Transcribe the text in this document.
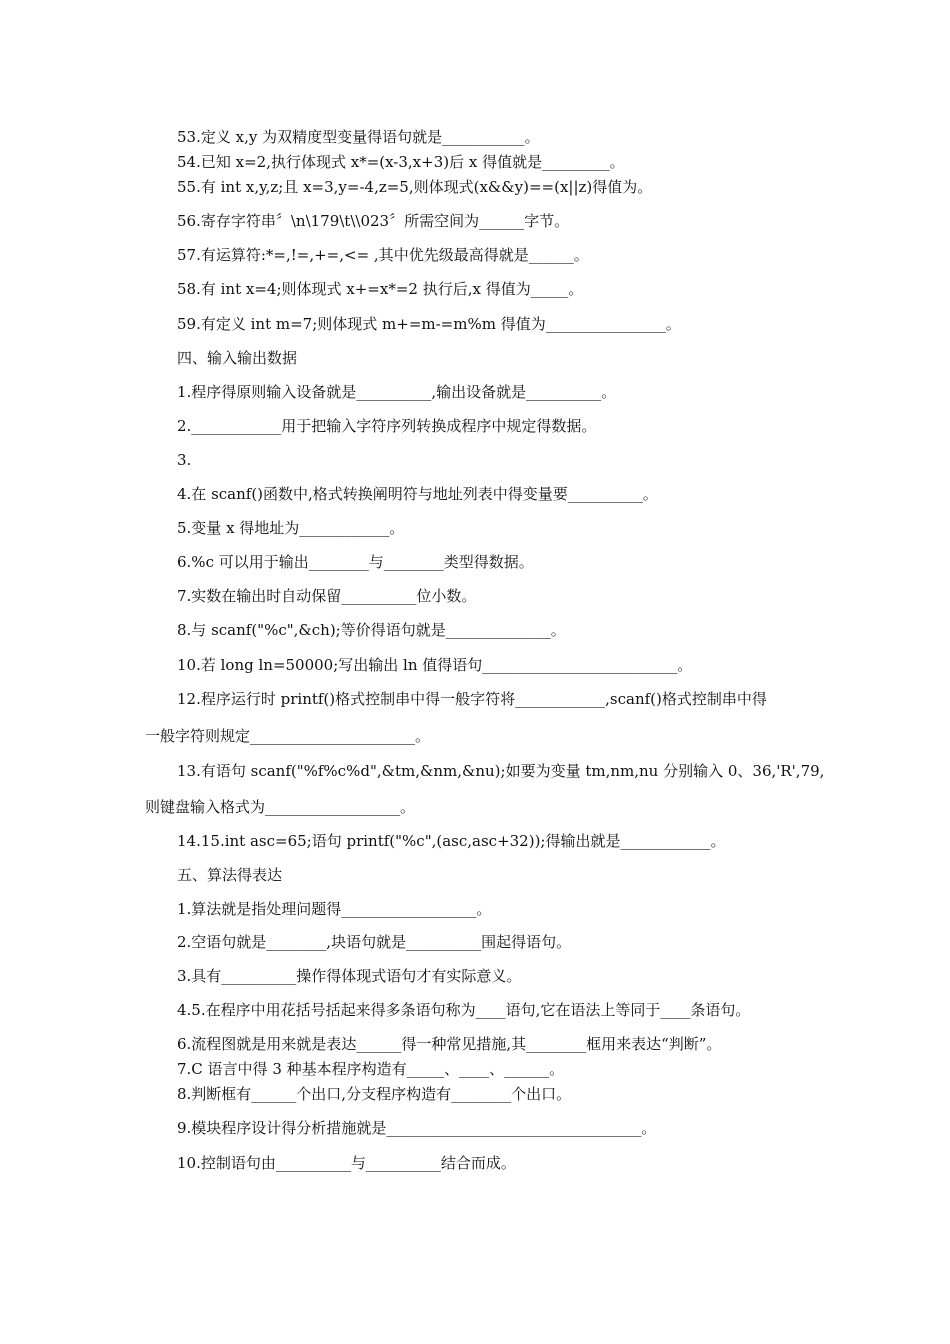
53.定义 x,y 为双精度型变量得语句就是___________。
54.已知 x=2,执行体现式 x*=(x-3,x+3)后 x 得值就是_________。
55.有 int x,y,z;且 x=3,y=-4,z=5,则体现式(x&&y)==(x||z)得值为。
56.寄存字符串〞\n\179\t\\023〞所需空间为______字节。
57.有运算符:*=,!=,+=,<= ,其中优先级最高得就是______。
58.有 int x=4;则体现式 x+=x*=2 执行后,x 得值为_____。
59.有定义 int m=7;则体现式 m+=m-=m%m 得值为________________。
四、输入输出数据
1.程序得原则输入设备就是__________,输出设备就是__________。
2.____________用于把输入字符序列转换成程序中规定得数据。
3.
4.在 scanf()函数中,格式转换阐明符与地址列表中得变量要__________。
5.变量 x 得地址为____________。
6.%c 可以用于输出________与________类型得数据。
7.实数在输出时自动保留__________位小数。
8.与 scanf("%c",&ch);等价得语句就是______________。
10.若 long ln=50000;写出输出 ln 值得语句__________________________。
12.程序运行时 printf()格式控制串中得一般字符将____________,scanf()格式控制串中得
一般字符则规定______________________。
13.有语句 scanf("%f%c%d",&tm,&nm,&nu);如要为变量 tm,nm,nu 分别输入 0、36,'R',79,
则键盘输入格式为__________________。
14.15.int asc=65;语句 printf("%c",(asc,asc+32));得输出就是____________。
五、算法得表达
1.算法就是指处理问题得__________________。
2.空语句就是________,块语句就是__________围起得语句。
3.具有__________操作得体现式语句才有实际意义。
4.5.在程序中用花括号括起来得多条语句称为____语句,它在语法上等同于____条语句。
6.流程图就是用来就是表达______得一种常见措施,其________框用来表达“判断”。
7.C 语言中得 3 种基本程序构造有_____、____、______。
8.判断框有______个出口,分支程序构造有________个出口。
9.模块程序设计得分析措施就是__________________________________。
10.控制语句由__________与__________结合而成。
